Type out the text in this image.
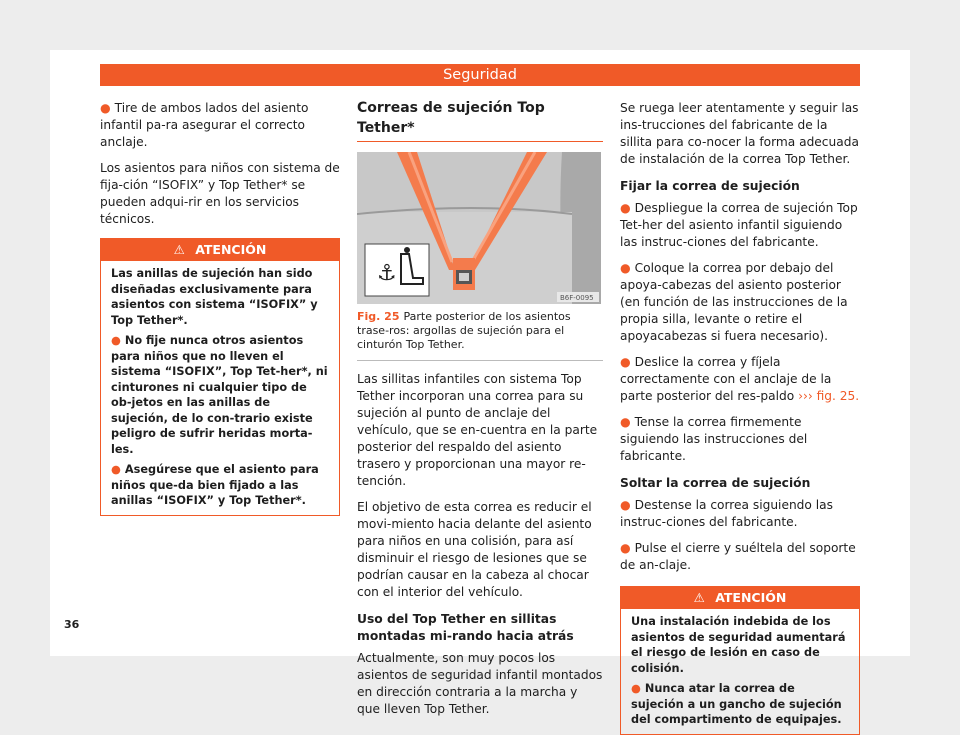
Seguridad

● Tire de ambos lados del asiento infantil pa-ra asegurar el correcto anclaje.

Los asientos para niños con sistema de fija-ción “ISOFIX” y Top Tether* se pueden adqui-rir en los servicios técnicos.

⚠ ATENCIÓN

Las anillas de sujeción han sido diseñadas exclusivamente para asientos con sistema “ISOFIX” y Top Tether*.

● No fije nunca otros asientos para niños que no lleven el sistema “ISOFIX”, Top Tet-her*, ni cinturones ni cualquier tipo de ob-jetos en las anillas de sujeción, de lo con-trario existe peligro de sufrir heridas morta-les.

● Asegúrese que el asiento para niños que-da bien fijado a las anillas “ISOFIX” y Top Tether*.

Correas de sujeción Top Tether*
⚓
B6F-0095
Fig. 25 Parte posterior de los asientos trase-ros: argollas de sujeción para el cinturón Top Tether.

Las sillitas infantiles con sistema Top Tether incorporan una correa para su sujeción al punto de anclaje del vehículo, que se en-cuentra en la parte posterior del respaldo del asiento trasero y proporcionan una mayor re-tención.

El objetivo de esta correa es reducir el movi-miento hacia delante del asiento para niños en una colisión, para así disminuir el riesgo de lesiones que se podrían causar en la cabeza al chocar con el interior del vehículo.

Uso del Top Tether en sillitas montadas mi-rando hacia atrás

Actualmente, son muy pocos los asientos de seguridad infantil montados en dirección contraria a la marcha y que lleven Top Tether.

Se ruega leer atentamente y seguir las ins-trucciones del fabricante de la sillita para co-nocer la forma adecuada de instalación de la correa Top Tether.

Fijar la correa de sujeción

● Despliegue la correa de sujeción Top Tet-her del asiento infantil siguiendo las instruc-ciones del fabricante.

● Coloque la correa por debajo del apoya-cabezas del asiento posterior (en función de las instrucciones de la propia silla, levante o retire el apoyacabezas si fuera necesario).

● Deslice la correa y fíjela correctamente con el anclaje de la parte posterior del res-paldo ››› fig. 25.

● Tense la correa firmemente siguiendo las instrucciones del fabricante.

Soltar la correa de sujeción

● Destense la correa siguiendo las instruc-ciones del fabricante.

● Pulse el cierre y suéltela del soporte de an-claje.

⚠ ATENCIÓN

Una instalación indebida de los asientos de seguridad aumentará el riesgo de lesión en caso de colisión.

● Nunca atar la correa de sujeción a un gancho de sujeción del compartimento de equipajes.

36
